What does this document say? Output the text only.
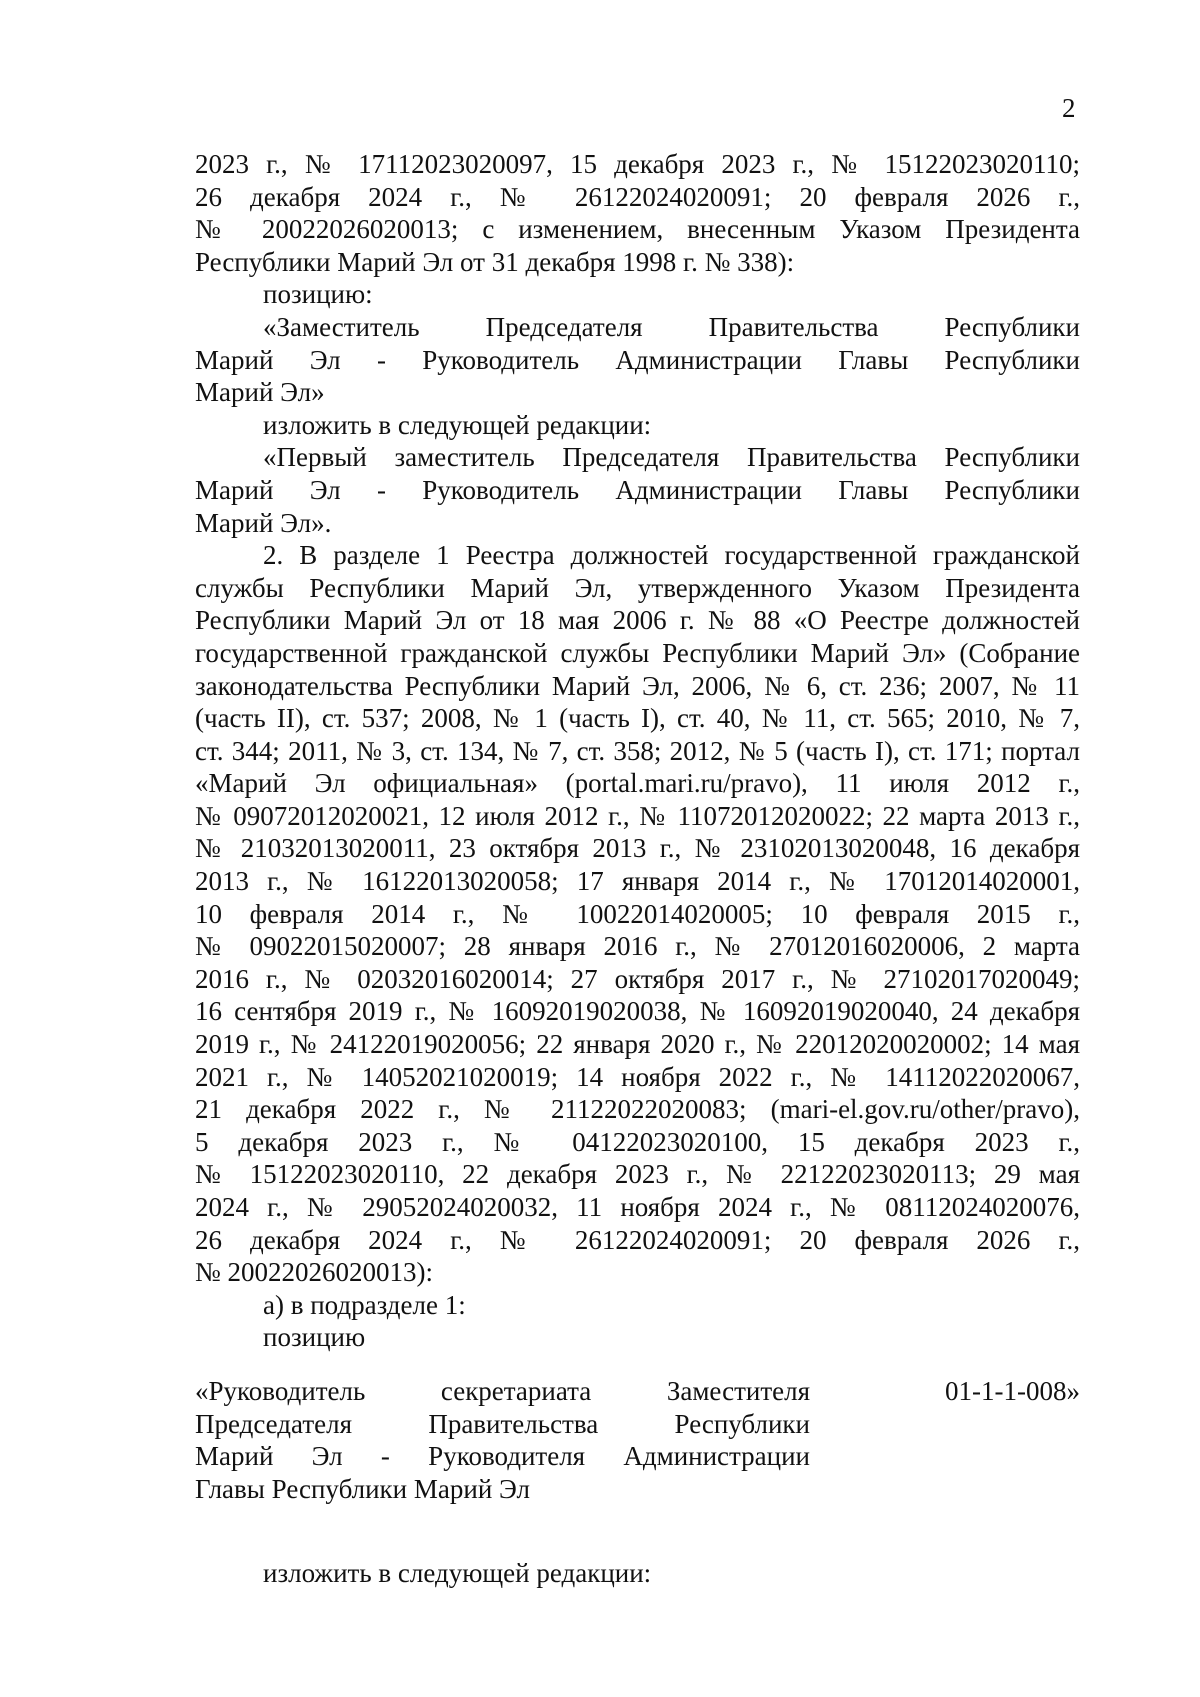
2
2023 г., № 17112023020097, 15 декабря 2023 г., № 15122023020110;
26 декабря 2024 г., № 26122024020091; 20 февраля 2026 г.,
№ 20022026020013; с изменением, внесенным Указом Президента
Республики Марий Эл от 31 декабря 1998 г. № 338):
позицию:
«Заместитель Председателя Правительства Республики
Марий Эл - Руководитель Администрации Главы Республики
Марий Эл»
изложить в следующей редакции:
«Первый заместитель Председателя Правительства Республики
Марий Эл - Руководитель Администрации Главы Республики
Марий Эл».
2. В разделе 1 Реестра должностей государственной гражданской
службы Республики Марий Эл, утвержденного Указом Президента
Республики Марий Эл от 18 мая 2006 г. № 88 «О Реестре должностей
государственной гражданской службы Республики Марий Эл» (Собрание
законодательства Республики Марий Эл, 2006, № 6, ст. 236; 2007, № 11
(часть II), ст. 537; 2008, № 1 (часть I), ст. 40, № 11, ст. 565; 2010, № 7,
ст. 344; 2011, № 3, ст. 134, № 7, ст. 358; 2012, № 5 (часть I), ст. 171; портал
«Марий Эл официальная» (portal.mari.ru/pravo), 11 июля 2012 г.,
№ 09072012020021, 12 июля 2012 г., № 11072012020022; 22 марта 2013 г.,
№ 21032013020011, 23 октября 2013 г., № 23102013020048, 16 декабря
2013 г., № 16122013020058; 17 января 2014 г., № 17012014020001,
10 февраля 2014 г., № 10022014020005; 10 февраля 2015 г.,
№ 09022015020007; 28 января 2016 г., № 27012016020006, 2 марта
2016 г., № 02032016020014; 27 октября 2017 г., № 27102017020049;
16 сентября 2019 г., № 16092019020038, № 16092019020040, 24 декабря
2019 г., № 24122019020056; 22 января 2020 г., № 22012020020002; 14 мая
2021 г., № 14052021020019; 14 ноября 2022 г., № 14112022020067,
21 декабря 2022 г., № 21122022020083; (mari-el.gov.ru/other/pravo),
5 декабря 2023 г., № 04122023020100, 15 декабря 2023 г.,
№ 15122023020110, 22 декабря 2023 г., № 22122023020113; 29 мая
2024 г., № 29052024020032, 11 ноября 2024 г., № 08112024020076,
26 декабря 2024 г., № 26122024020091; 20 февраля 2026 г.,
№ 20022026020013):
а) в подразделе 1:
позицию
«Руководитель секретариата Заместителя
Председателя Правительства Республики
Марий Эл - Руководителя Администрации
Главы Республики Марий Эл
01-1-1-008»
изложить в следующей редакции:
